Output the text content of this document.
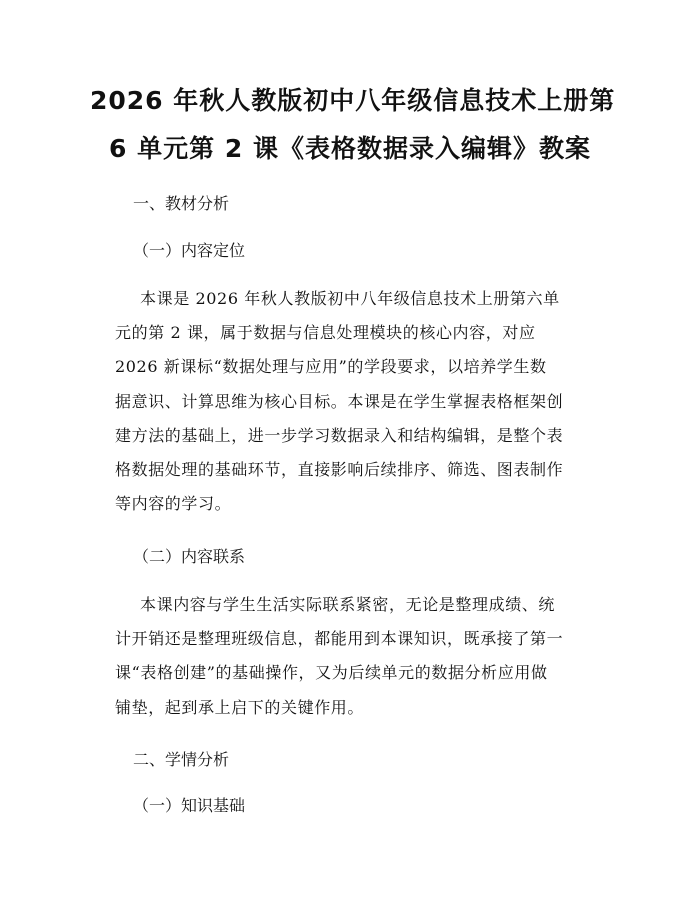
2026 年秋人教版初中八年级信息技术上册第
6 单元第 2 课《表格数据录入编辑》教案

一、教材分析

（一）内容定位

本课是 2026 年秋人教版初中八年级信息技术上册第六单
元的第 2 课，属于数据与信息处理模块的核心内容，对应
2026 新课标“数据处理与应用”的学段要求，以培养学生数
据意识、计算思维为核心目标。本课是在学生掌握表格框架创
建方法的基础上，进一步学习数据录入和结构编辑，是整个表
格数据处理的基础环节，直接影响后续排序、筛选、图表制作
等内容的学习。

（二）内容联系

本课内容与学生生活实际联系紧密，无论是整理成绩、统
计开销还是整理班级信息，都能用到本课知识，既承接了第一
课“表格创建”的基础操作，又为后续单元的数据分析应用做
铺垫，起到承上启下的关键作用。

二、学情分析

（一）知识基础
